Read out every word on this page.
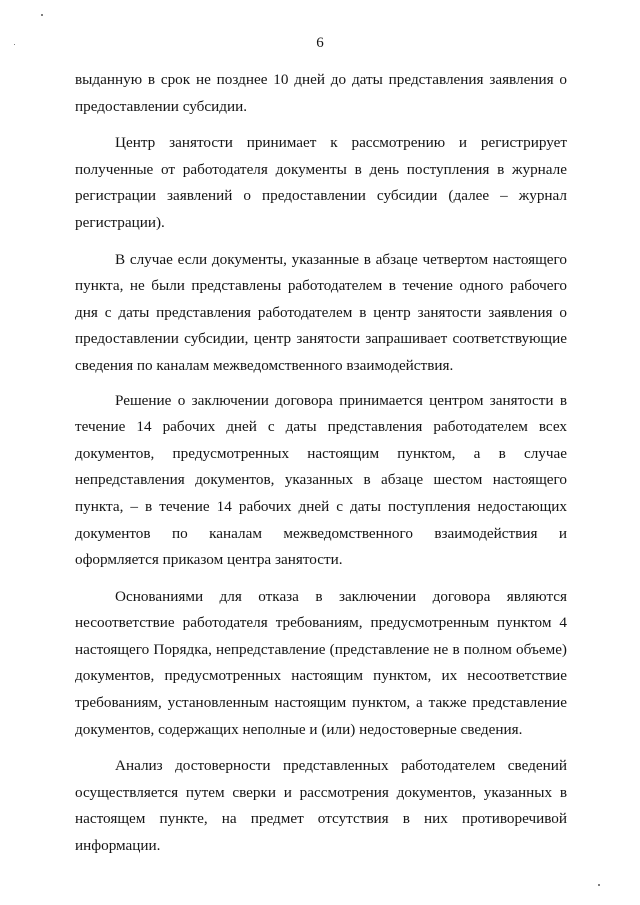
6
выданную в срок не позднее 10 дней до даты представления заявления о
предоставлении субсидии.
Центр занятости принимает к рассмотрению и регистрирует
полученные от работодателя документы в день поступления в журнале
регистрации заявлений о предоставлении субсидии (далее – журнал
регистрации).
В случае если документы, указанные в абзаце четвертом настоящего
пункта, не были представлены работодателем в течение одного рабочего
дня с даты представления работодателем в центр занятости заявления о
предоставлении субсидии, центр занятости запрашивает соответствующие
сведения по каналам межведомственного взаимодействия.
Решение о заключении договора принимается центром занятости в
течение 14 рабочих дней с даты представления работодателем всех
документов, предусмотренных настоящим пунктом, а в случае
непредставления документов, указанных в абзаце шестом настоящего
пункта, – в течение 14 рабочих дней с даты поступления недостающих
документов по каналам межведомственного взаимодействия и
оформляется приказом центра занятости.
Основаниями для отказа в заключении договора являются
несоответствие работодателя требованиям, предусмотренным пунктом 4
настоящего Порядка, непредставление (представление не в полном объеме)
документов, предусмотренных настоящим пунктом, их несоответствие
требованиям, установленным настоящим пунктом, а также представление
документов, содержащих неполные и (или) недостоверные сведения.
Анализ достоверности представленных работодателем сведений
осуществляется путем сверки и рассмотрения документов, указанных в
настоящем пункте, на предмет отсутствия в них противоречивой
информации.
